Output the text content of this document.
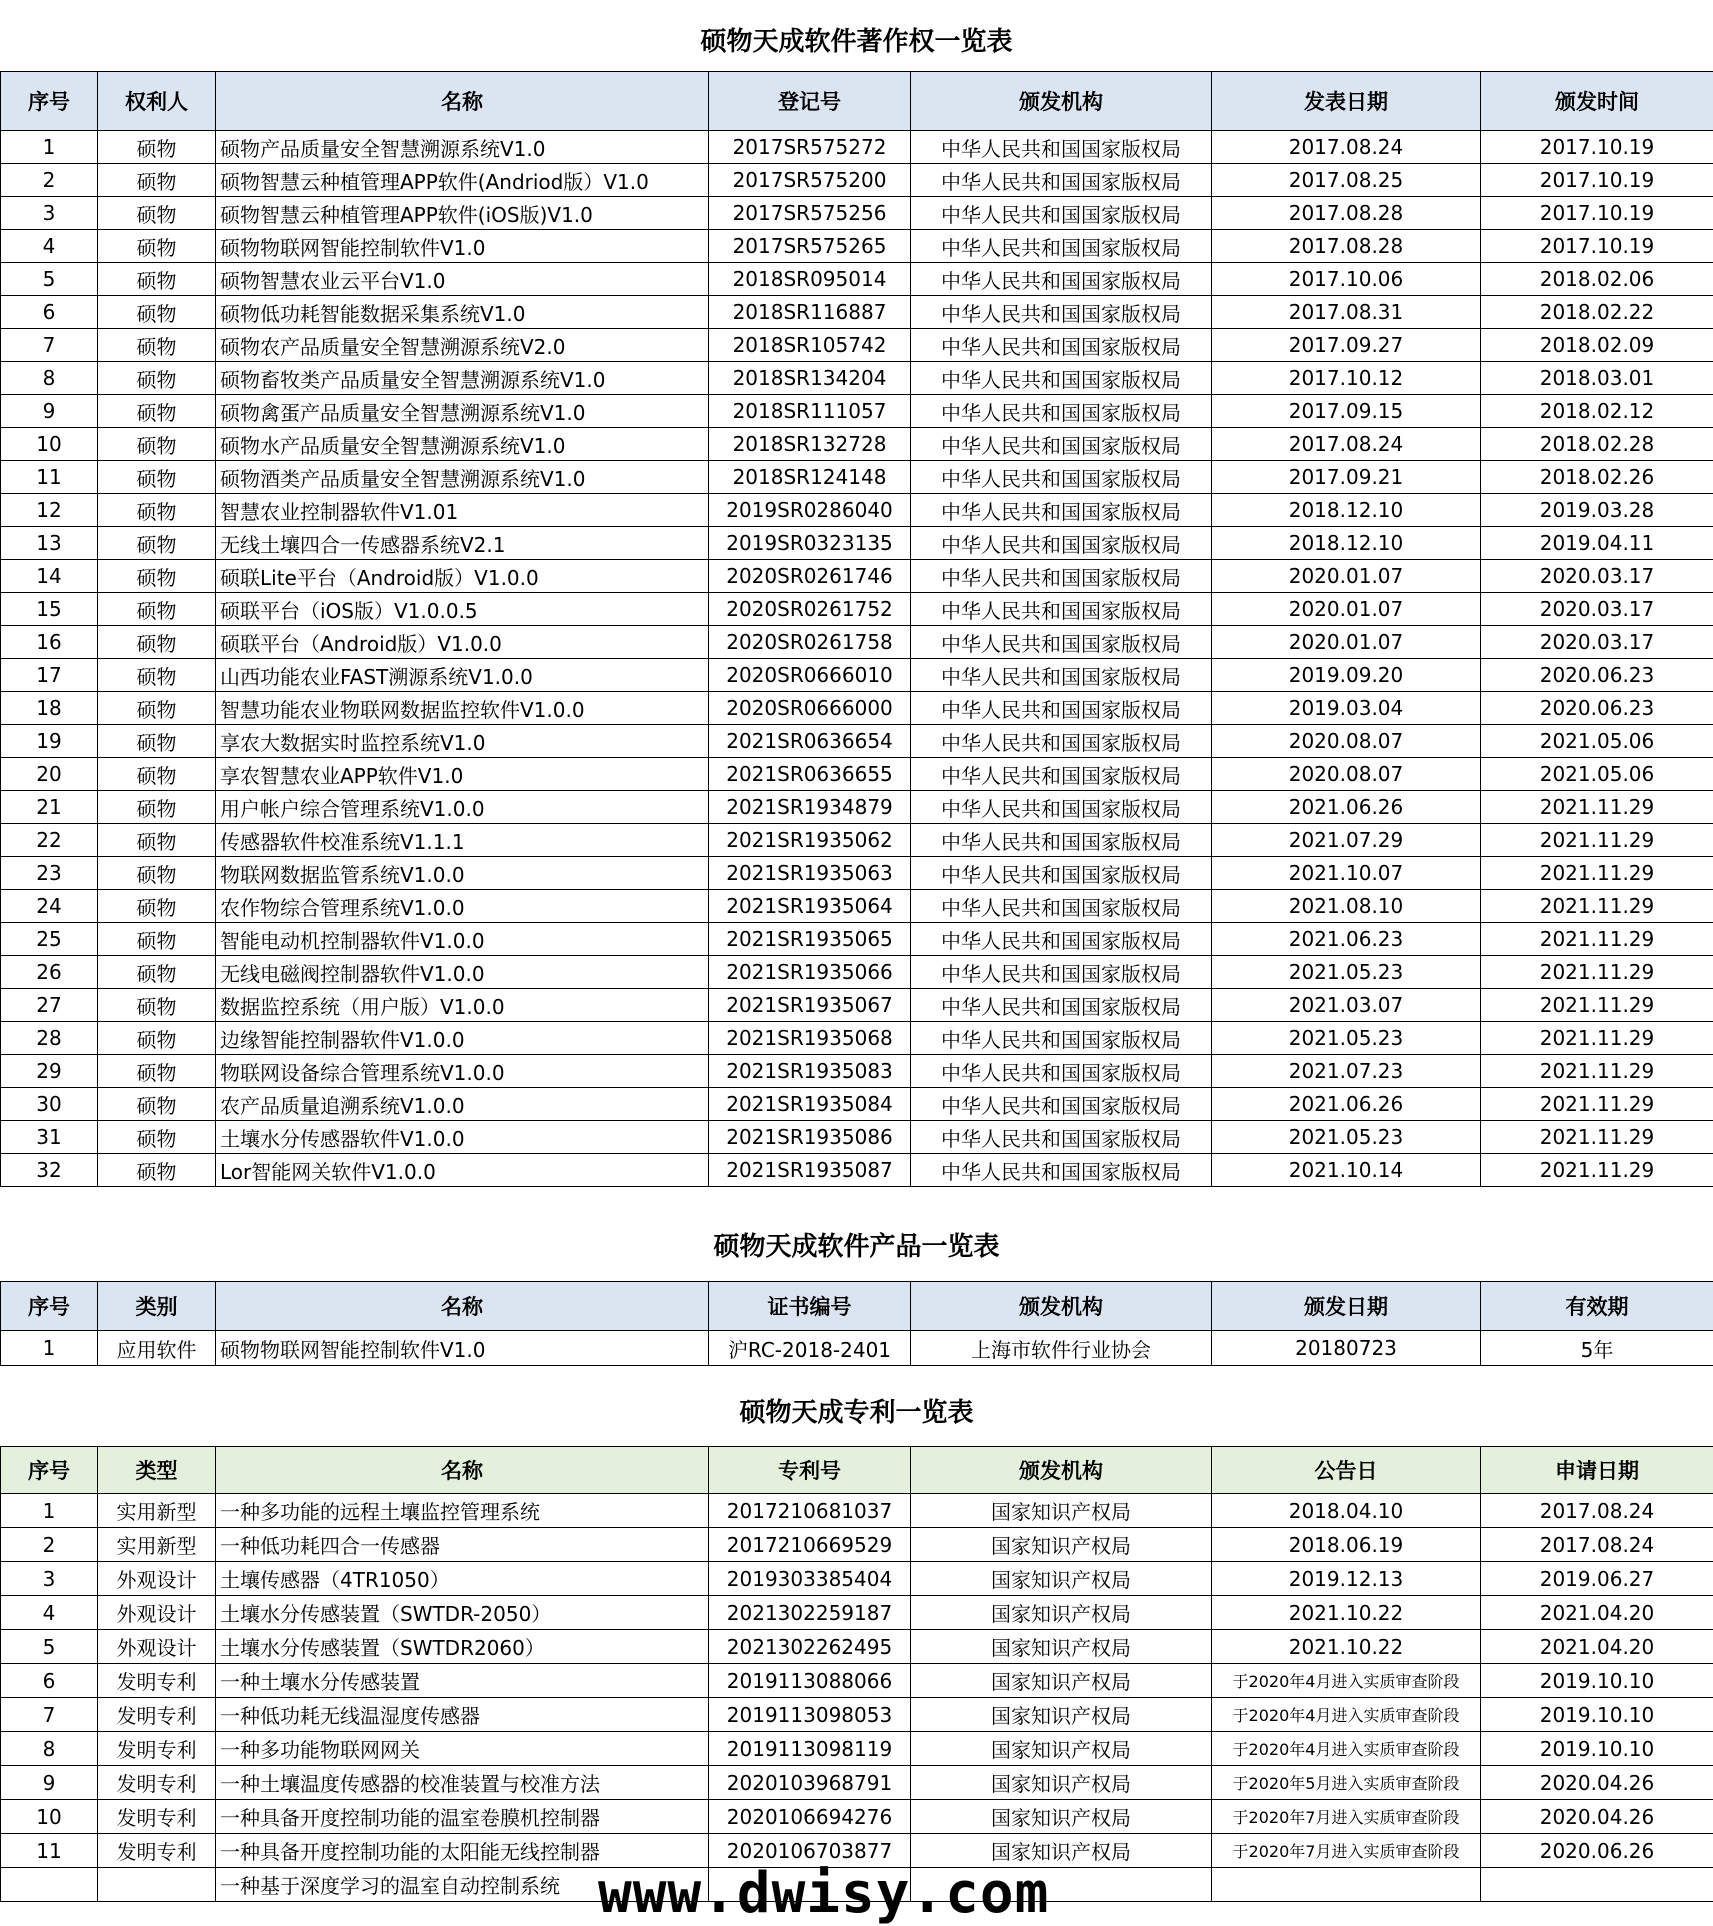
硕物天成软件著作权一览表
序号	权利人	名称	登记号	颁发机构	发表日期	颁发时间
1	硕物	硕物产品质量安全智慧溯源系统V1.0	2017SR575272	中华人民共和国国家版权局	2017.08.24	2017.10.19
2	硕物	硕物智慧云种植管理APP软件(Andriod版）V1.0	2017SR575200	中华人民共和国国家版权局	2017.08.25	2017.10.19
3	硕物	硕物智慧云种植管理APP软件(iOS版)V1.0	2017SR575256	中华人民共和国国家版权局	2017.08.28	2017.10.19
4	硕物	硕物物联网智能控制软件V1.0	2017SR575265	中华人民共和国国家版权局	2017.08.28	2017.10.19
5	硕物	硕物智慧农业云平台V1.0	2018SR095014	中华人民共和国国家版权局	2017.10.06	2018.02.06
6	硕物	硕物低功耗智能数据采集系统V1.0	2018SR116887	中华人民共和国国家版权局	2017.08.31	2018.02.22
7	硕物	硕物农产品质量安全智慧溯源系统V2.0	2018SR105742	中华人民共和国国家版权局	2017.09.27	2018.02.09
8	硕物	硕物畜牧类产品质量安全智慧溯源系统V1.0	2018SR134204	中华人民共和国国家版权局	2017.10.12	2018.03.01
9	硕物	硕物禽蛋产品质量安全智慧溯源系统V1.0	2018SR111057	中华人民共和国国家版权局	2017.09.15	2018.02.12
10	硕物	硕物水产品质量安全智慧溯源系统V1.0	2018SR132728	中华人民共和国国家版权局	2017.08.24	2018.02.28
11	硕物	硕物酒类产品质量安全智慧溯源系统V1.0	2018SR124148	中华人民共和国国家版权局	2017.09.21	2018.02.26
12	硕物	智慧农业控制器软件V1.01	2019SR0286040	中华人民共和国国家版权局	2018.12.10	2019.03.28
13	硕物	无线土壤四合一传感器系统V2.1	2019SR0323135	中华人民共和国国家版权局	2018.12.10	2019.04.11
14	硕物	硕联Lite平台（Android版）V1.0.0	2020SR0261746	中华人民共和国国家版权局	2020.01.07	2020.03.17
15	硕物	硕联平台（iOS版）V1.0.0.5	2020SR0261752	中华人民共和国国家版权局	2020.01.07	2020.03.17
16	硕物	硕联平台（Android版）V1.0.0	2020SR0261758	中华人民共和国国家版权局	2020.01.07	2020.03.17
17	硕物	山西功能农业FAST溯源系统V1.0.0	2020SR0666010	中华人民共和国国家版权局	2019.09.20	2020.06.23
18	硕物	智慧功能农业物联网数据监控软件V1.0.0	2020SR0666000	中华人民共和国国家版权局	2019.03.04	2020.06.23
19	硕物	享农大数据实时监控系统V1.0	2021SR0636654	中华人民共和国国家版权局	2020.08.07	2021.05.06
20	硕物	享农智慧农业APP软件V1.0	2021SR0636655	中华人民共和国国家版权局	2020.08.07	2021.05.06
21	硕物	用户帐户综合管理系统V1.0.0	2021SR1934879	中华人民共和国国家版权局	2021.06.26	2021.11.29
22	硕物	传感器软件校准系统V1.1.1	2021SR1935062	中华人民共和国国家版权局	2021.07.29	2021.11.29
23	硕物	物联网数据监管系统V1.0.0	2021SR1935063	中华人民共和国国家版权局	2021.10.07	2021.11.29
24	硕物	农作物综合管理系统V1.0.0	2021SR1935064	中华人民共和国国家版权局	2021.08.10	2021.11.29
25	硕物	智能电动机控制器软件V1.0.0	2021SR1935065	中华人民共和国国家版权局	2021.06.23	2021.11.29
26	硕物	无线电磁阀控制器软件V1.0.0	2021SR1935066	中华人民共和国国家版权局	2021.05.23	2021.11.29
27	硕物	数据监控系统（用户版）V1.0.0	2021SR1935067	中华人民共和国国家版权局	2021.03.07	2021.11.29
28	硕物	边缘智能控制器软件V1.0.0	2021SR1935068	中华人民共和国国家版权局	2021.05.23	2021.11.29
29	硕物	物联网设备综合管理系统V1.0.0	2021SR1935083	中华人民共和国国家版权局	2021.07.23	2021.11.29
30	硕物	农产品质量追溯系统V1.0.0	2021SR1935084	中华人民共和国国家版权局	2021.06.26	2021.11.29
31	硕物	土壤水分传感器软件V1.0.0	2021SR1935086	中华人民共和国国家版权局	2021.05.23	2021.11.29
32	硕物	Lor智能网关软件V1.0.0	2021SR1935087	中华人民共和国国家版权局	2021.10.14	2021.11.29
硕物天成软件产品一览表
序号	类别	名称	证书编号	颁发机构	颁发日期	有效期
1	应用软件	硕物物联网智能控制软件V1.0	沪RC-2018-2401	上海市软件行业协会	20180723	5年
硕物天成专利一览表
序号	类型	名称	专利号	颁发机构	公告日	申请日期
1	实用新型	一种多功能的远程土壤监控管理系统	2017210681037	国家知识产权局	2018.04.10	2017.08.24
2	实用新型	一种低功耗四合一传感器	2017210669529	国家知识产权局	2018.06.19	2017.08.24
3	外观设计	土壤传感器（4TR1050）	2019303385404	国家知识产权局	2019.12.13	2019.06.27
4	外观设计	土壤水分传感装置（SWTDR-2050）	2021302259187	国家知识产权局	2021.10.22	2021.04.20
5	外观设计	土壤水分传感装置（SWTDR2060）	2021302262495	国家知识产权局	2021.10.22	2021.04.20
6	发明专利	一种土壤水分传感装置	2019113088066	国家知识产权局	于2020年4月进入实质审查阶段	2019.10.10
7	发明专利	一种低功耗无线温湿度传感器	2019113098053	国家知识产权局	于2020年4月进入实质审查阶段	2019.10.10
8	发明专利	一种多功能物联网网关	2019113098119	国家知识产权局	于2020年4月进入实质审查阶段	2019.10.10
9	发明专利	一种土壤温度传感器的校准装置与校准方法	2020103968791	国家知识产权局	于2020年5月进入实质审查阶段	2020.04.26
10	发明专利	一种具备开度控制功能的温室卷膜机控制器	2020106694276	国家知识产权局	于2020年7月进入实质审查阶段	2020.04.26
11	发明专利	一种具备开度控制功能的太阳能无线控制器	2020106703877	国家知识产权局	于2020年7月进入实质审查阶段	2020.06.26
		一种基于深度学习的温室自动控制系统				www.dwisy.com
